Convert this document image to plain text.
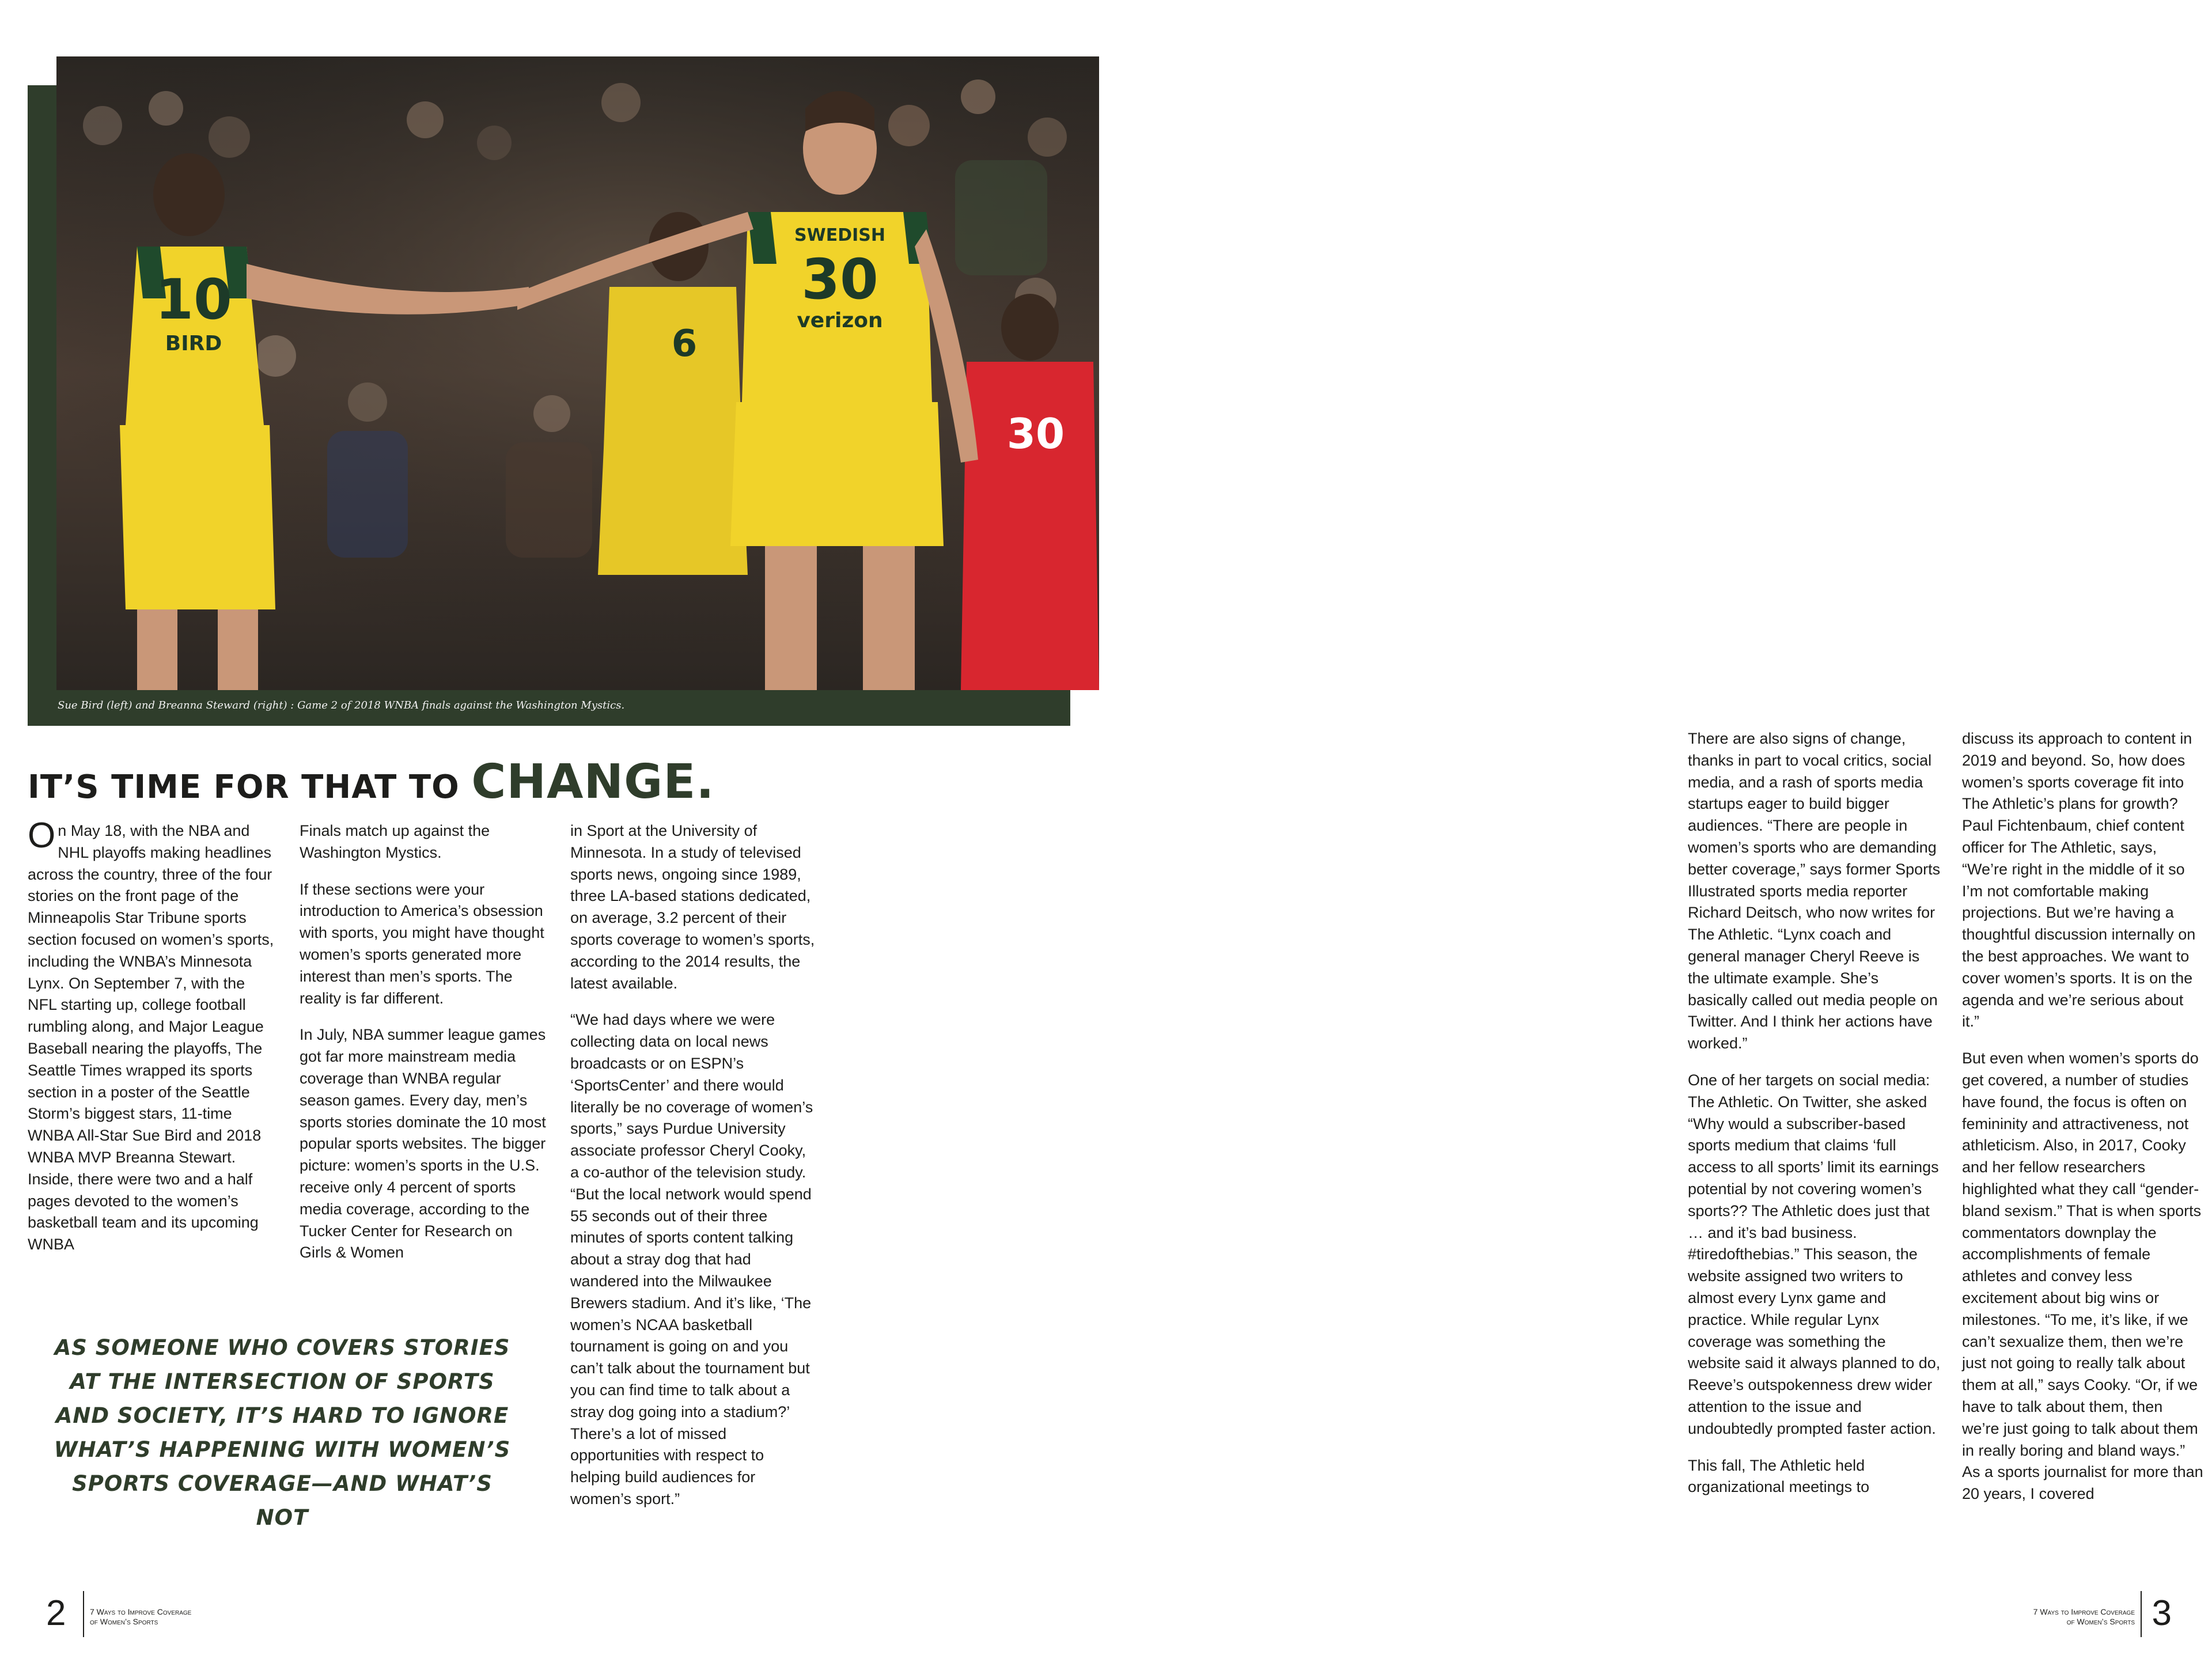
10
BIRD	6
30
SWEDISH
30
verizon
Sue Bird (left) and Breanna Steward (right) : Game 2 of 2018 WNBA finals against the Washington Mystics.
IT’S TIME FOR THAT TO CHANGE.

On May 18, with the NBA and NHL playoffs making headlines across the country, three of the four stories on the front page of the Minneapolis Star Tribune sports section focused on women’s sports, including the WNBA’s Minnesota Lynx. On September 7, with the NFL starting up, college football rumbling along, and Major League Baseball nearing the playoffs, The Seattle Times wrapped its sports section in a poster of the Seattle Storm’s biggest stars, 11-time WNBA All-Star Sue Bird and 2018 WNBA MVP Breanna Stewart. Inside, there were two and a half pages devoted to the women’s basketball team and its upcoming WNBA

Finals match up against the Washington Mystics.

If these sections were your introduction to America’s obsession with sports, you might have thought women’s sports generated more interest than men’s sports. The reality is far different.

In July, NBA summer league games got far more mainstream media coverage than WNBA regular season games. Every day, men’s sports stories dominate the 10 most popular sports websites. The bigger picture: women’s sports in the U.S. receive only 4 percent of sports media coverage, according to the Tucker Center for Research on Girls & Women

in Sport at the University of Minnesota. In a study of televised sports news, ongoing since 1989, three LA-based stations dedicated, on average, 3.2 percent of their sports coverage to women’s sports, according to the 2014 results, the latest available.

“We had days where we were collecting data on local news broadcasts or on ESPN’s ‘SportsCenter’ and there would literally be no coverage of women’s sports,” says Purdue University associate professor Cheryl Cooky, a co-author of the television study. “But the local network would spend 55 seconds out of their three minutes of sports content talking about a stray dog that had wandered into the Milwaukee Brewers stadium. And it’s like, ‘The women’s NCAA basketball tournament is going on and you can’t talk about the tournament but you can find time to talk about a stray dog going into a stadium?’ There’s a lot of missed opportunities with respect to helping build audiences for women’s sport.”

AS SOMEONE WHO COVERS STORIES AT THE INTERSECTION OF SPORTS AND SOCIETY, IT’S HARD TO IGNORE WHAT’S HAPPENING WITH WOMEN’S SPORTS COVERAGE—AND WHAT’S NOT
2	7 Ways to Improve Coverage
of Women’s Sports

There are also signs of change, thanks in part to vocal critics, social media, and a rash of sports media startups eager to build bigger audiences. “There are people in women’s sports who are demanding better coverage,” says former Sports Illustrated sports media reporter Richard Deitsch, who now writes for The Athletic. “Lynx coach and general manager Cheryl Reeve is the ultimate example. She’s basically called out media people on Twitter. And I think her actions have worked.”

One of her targets on social media: The Athletic. On Twitter, she asked “Why would a subscriber-based sports medium that claims ‘full access to all sports’ limit its earnings potential by not covering women’s sports?? The Athletic does just that … and it’s bad business. #tiredofthebias.” This season, the website assigned two writers to almost every Lynx game and practice. While regular Lynx coverage was something the website said it always planned to do, Reeve’s outspokenness drew wider attention to the issue and undoubtedly prompted faster action.

This fall, The Athletic held organizational meetings to

discuss its approach to content in 2019 and beyond. So, how does women’s sports coverage fit into The Athletic’s plans for growth? Paul Fichtenbaum, chief content officer for The Athletic, says, “We’re right in the middle of it so I’m not comfortable making projections. But we’re having a thoughtful discussion internally on the best approaches. We want to cover women’s sports. It is on the agenda and we’re serious about it.”

But even when women’s sports do get covered, a number of studies have found, the focus is often on femininity and attractiveness, not athleticism. Also, in 2017, Cooky and her fellow researchers highlighted what they call “gender-bland sexism.” That is when sports commentators downplay the accomplishments of female athletes and convey less excitement about big wins or milestones. “To me, it’s like, if we can’t sexualize them, then we’re just not going to really talk about them at all,” says Cooky. “Or, if we have to talk about them, then we’re just going to talk about them in really boring and bland ways.” As a sports journalist for more than 20 years, I covered

7 Ways to Improve Coverage
of Women’s Sports 3
